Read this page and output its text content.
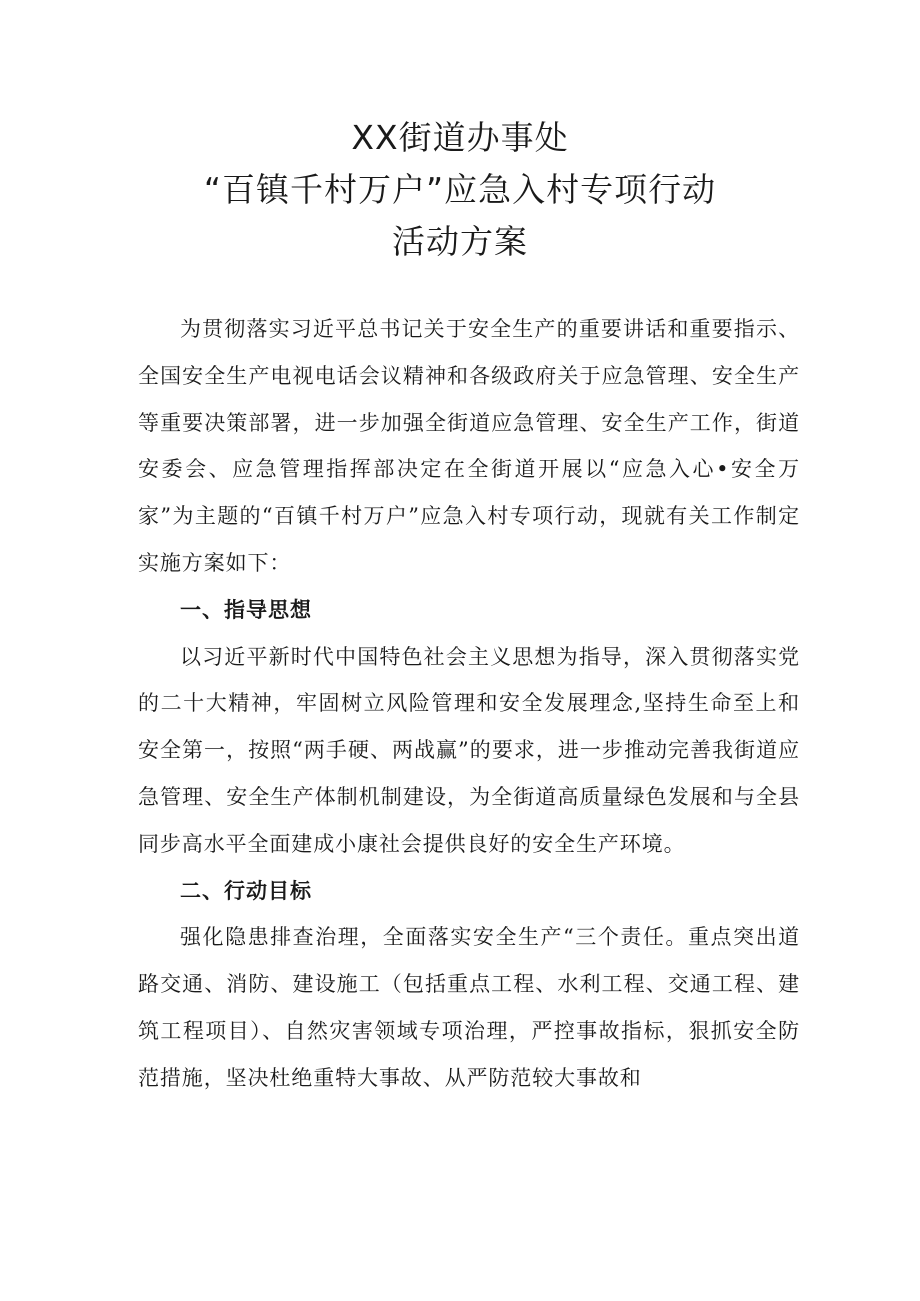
XX街道办事处
“百镇千村万户”应急入村专项行动
活动方案

为贯彻落实习近平总书记关于安全生产的重要讲话和重要指示、全国安全生产电视电话会议精神和各级政府关于应急管理、安全生产等重要决策部署，进一步加强全街道应急管理、安全生产工作，街道安委会、应急管理指挥部决定在全街道开展以“应急入心•安全万家”为主题的“百镇千村万户”应急入村专项行动，现就有关工作制定实施方案如下：

一、指导思想

以习近平新时代中国特色社会主义思想为指导，深入贯彻落实党的二十大精神，牢固树立风险管理和安全发展理念,坚持生命至上和安全第一，按照“两手硬、两战赢”的要求，进一步推动完善我街道应急管理、安全生产体制机制建设，为全街道高质量绿色发展和与全县同步高水平全面建成小康社会提供良好的安全生产环境。

二、行动目标

强化隐患排查治理，全面落实安全生产“三个责任。重点突出道路交通、消防、建设施工（包括重点工程、水利工程、交通工程、建筑工程项目）、自然灾害领域专项治理，严控事故指标，狠抓安全防范措施，坚决杜绝重特大事故、从严防范较大事故和
